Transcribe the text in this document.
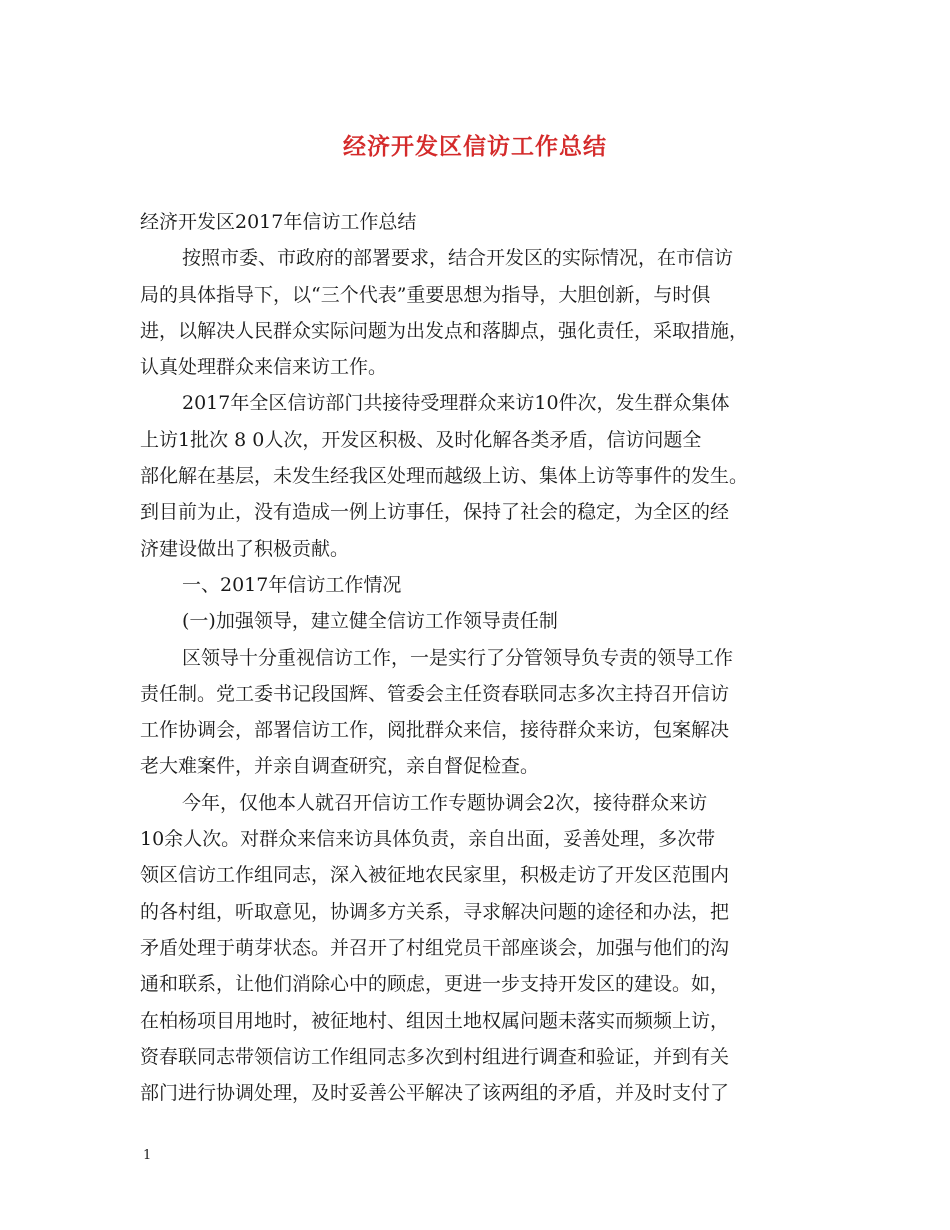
经济开发区信访工作总结
经济开发区2017年信访工作总结
按照市委、市政府的部署要求，结合开发区的实际情况，在市信访
局的具体指导下，以“三个代表”重要思想为指导，大胆创新，与时俱
进，以解决人民群众实际问题为出发点和落脚点，强化责任，采取措施，
认真处理群众来信来访工作。
2017年全区信访部门共接待受理群众来访10件次，发生群众集体
上访1批次 8 0人次，开发区积极、及时化解各类矛盾，信访问题全
部化解在基层，未发生经我区处理而越级上访、集体上访等事件的发生。
到目前为止，没有造成一例上访事任，保持了社会的稳定，为全区的经
济建设做出了积极贡献。
一、2017年信访工作情况
(一)加强领导，建立健全信访工作领导责任制
区领导十分重视信访工作，一是实行了分管领导负专责的领导工作
责任制。党工委书记段国辉、管委会主任资春联同志多次主持召开信访
工作协调会，部署信访工作，阅批群众来信，接待群众来访，包案解决
老大难案件，并亲自调查研究，亲自督促检查。
今年，仅他本人就召开信访工作专题协调会2次，接待群众来访
10余人次。对群众来信来访具体负责，亲自出面，妥善处理，多次带
领区信访工作组同志，深入被征地农民家里，积极走访了开发区范围内
的各村组，听取意见，协调多方关系，寻求解决问题的途径和办法，把
矛盾处理于萌芽状态。并召开了村组党员干部座谈会，加强与他们的沟
通和联系，让他们消除心中的顾虑，更进一步支持开发区的建设。如，
在柏杨项目用地时，被征地村、组因土地权属问题未落实而频频上访，
资春联同志带领信访工作组同志多次到村组进行调查和验证，并到有关
部门进行协调处理，及时妥善公平解决了该两组的矛盾，并及时支付了
1
